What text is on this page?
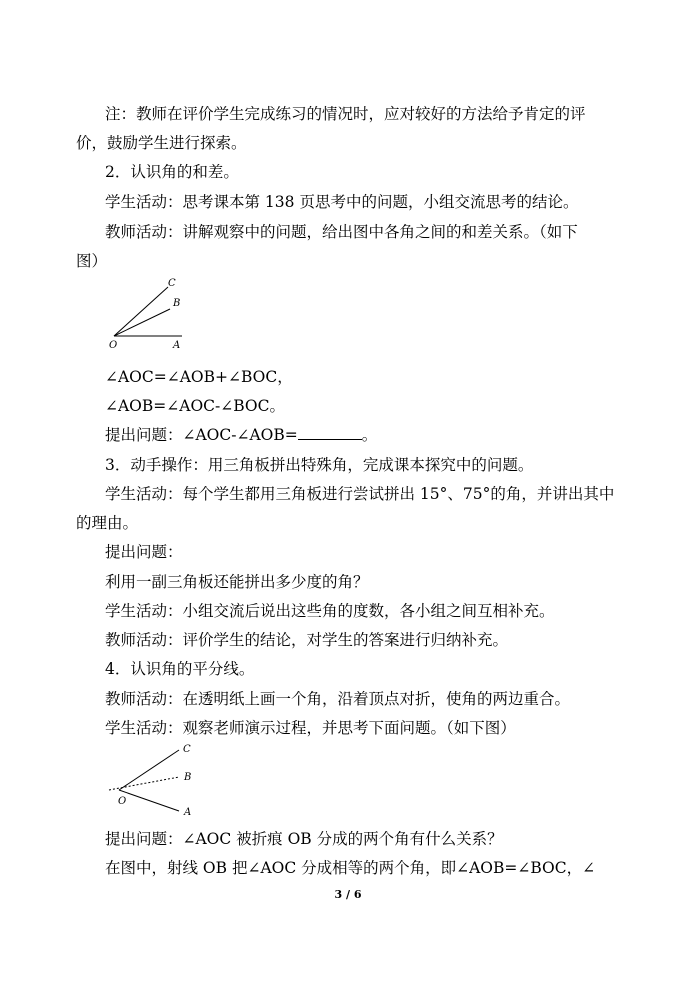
注：教师在评价学生完成练习的情况时，应对较好的方法给予肯定的评
价，鼓励学生进行探索。
2．认识角的和差。
学生活动：思考课本第 138 页思考中的问题，小组交流思考的结论。
教师活动：讲解观察中的问题，给出图中各角之间的和差关系。（如下
图）
O	A
B
C
∠AOC=∠AOB+∠BOC，
∠AOB=∠AOC-∠BOC。
提出问题：∠AOC-∠AOB=	。
3．动手操作：用三角板拼出特殊角，完成课本探究中的问题。
学生活动：每个学生都用三角板进行尝试拼出 15°、75°的角，并讲出其中
的理由。
提出问题：
利用一副三角板还能拼出多少度的角？
学生活动：小组交流后说出这些角的度数，各小组之间互相补充。
教师活动：评价学生的结论，对学生的答案进行归纳补充。
4．认识角的平分线。
教师活动：在透明纸上画一个角，沿着顶点对折，使角的两边重合。
学生活动：观察老师演示过程，并思考下面问题。（如下图）
O
A
B
C
提出问题：∠AOC 被折痕 OB 分成的两个角有什么关系？
在图中，射线 OB 把∠AOC 分成相等的两个角，即∠AOB=∠BOC，∠
3 / 6
